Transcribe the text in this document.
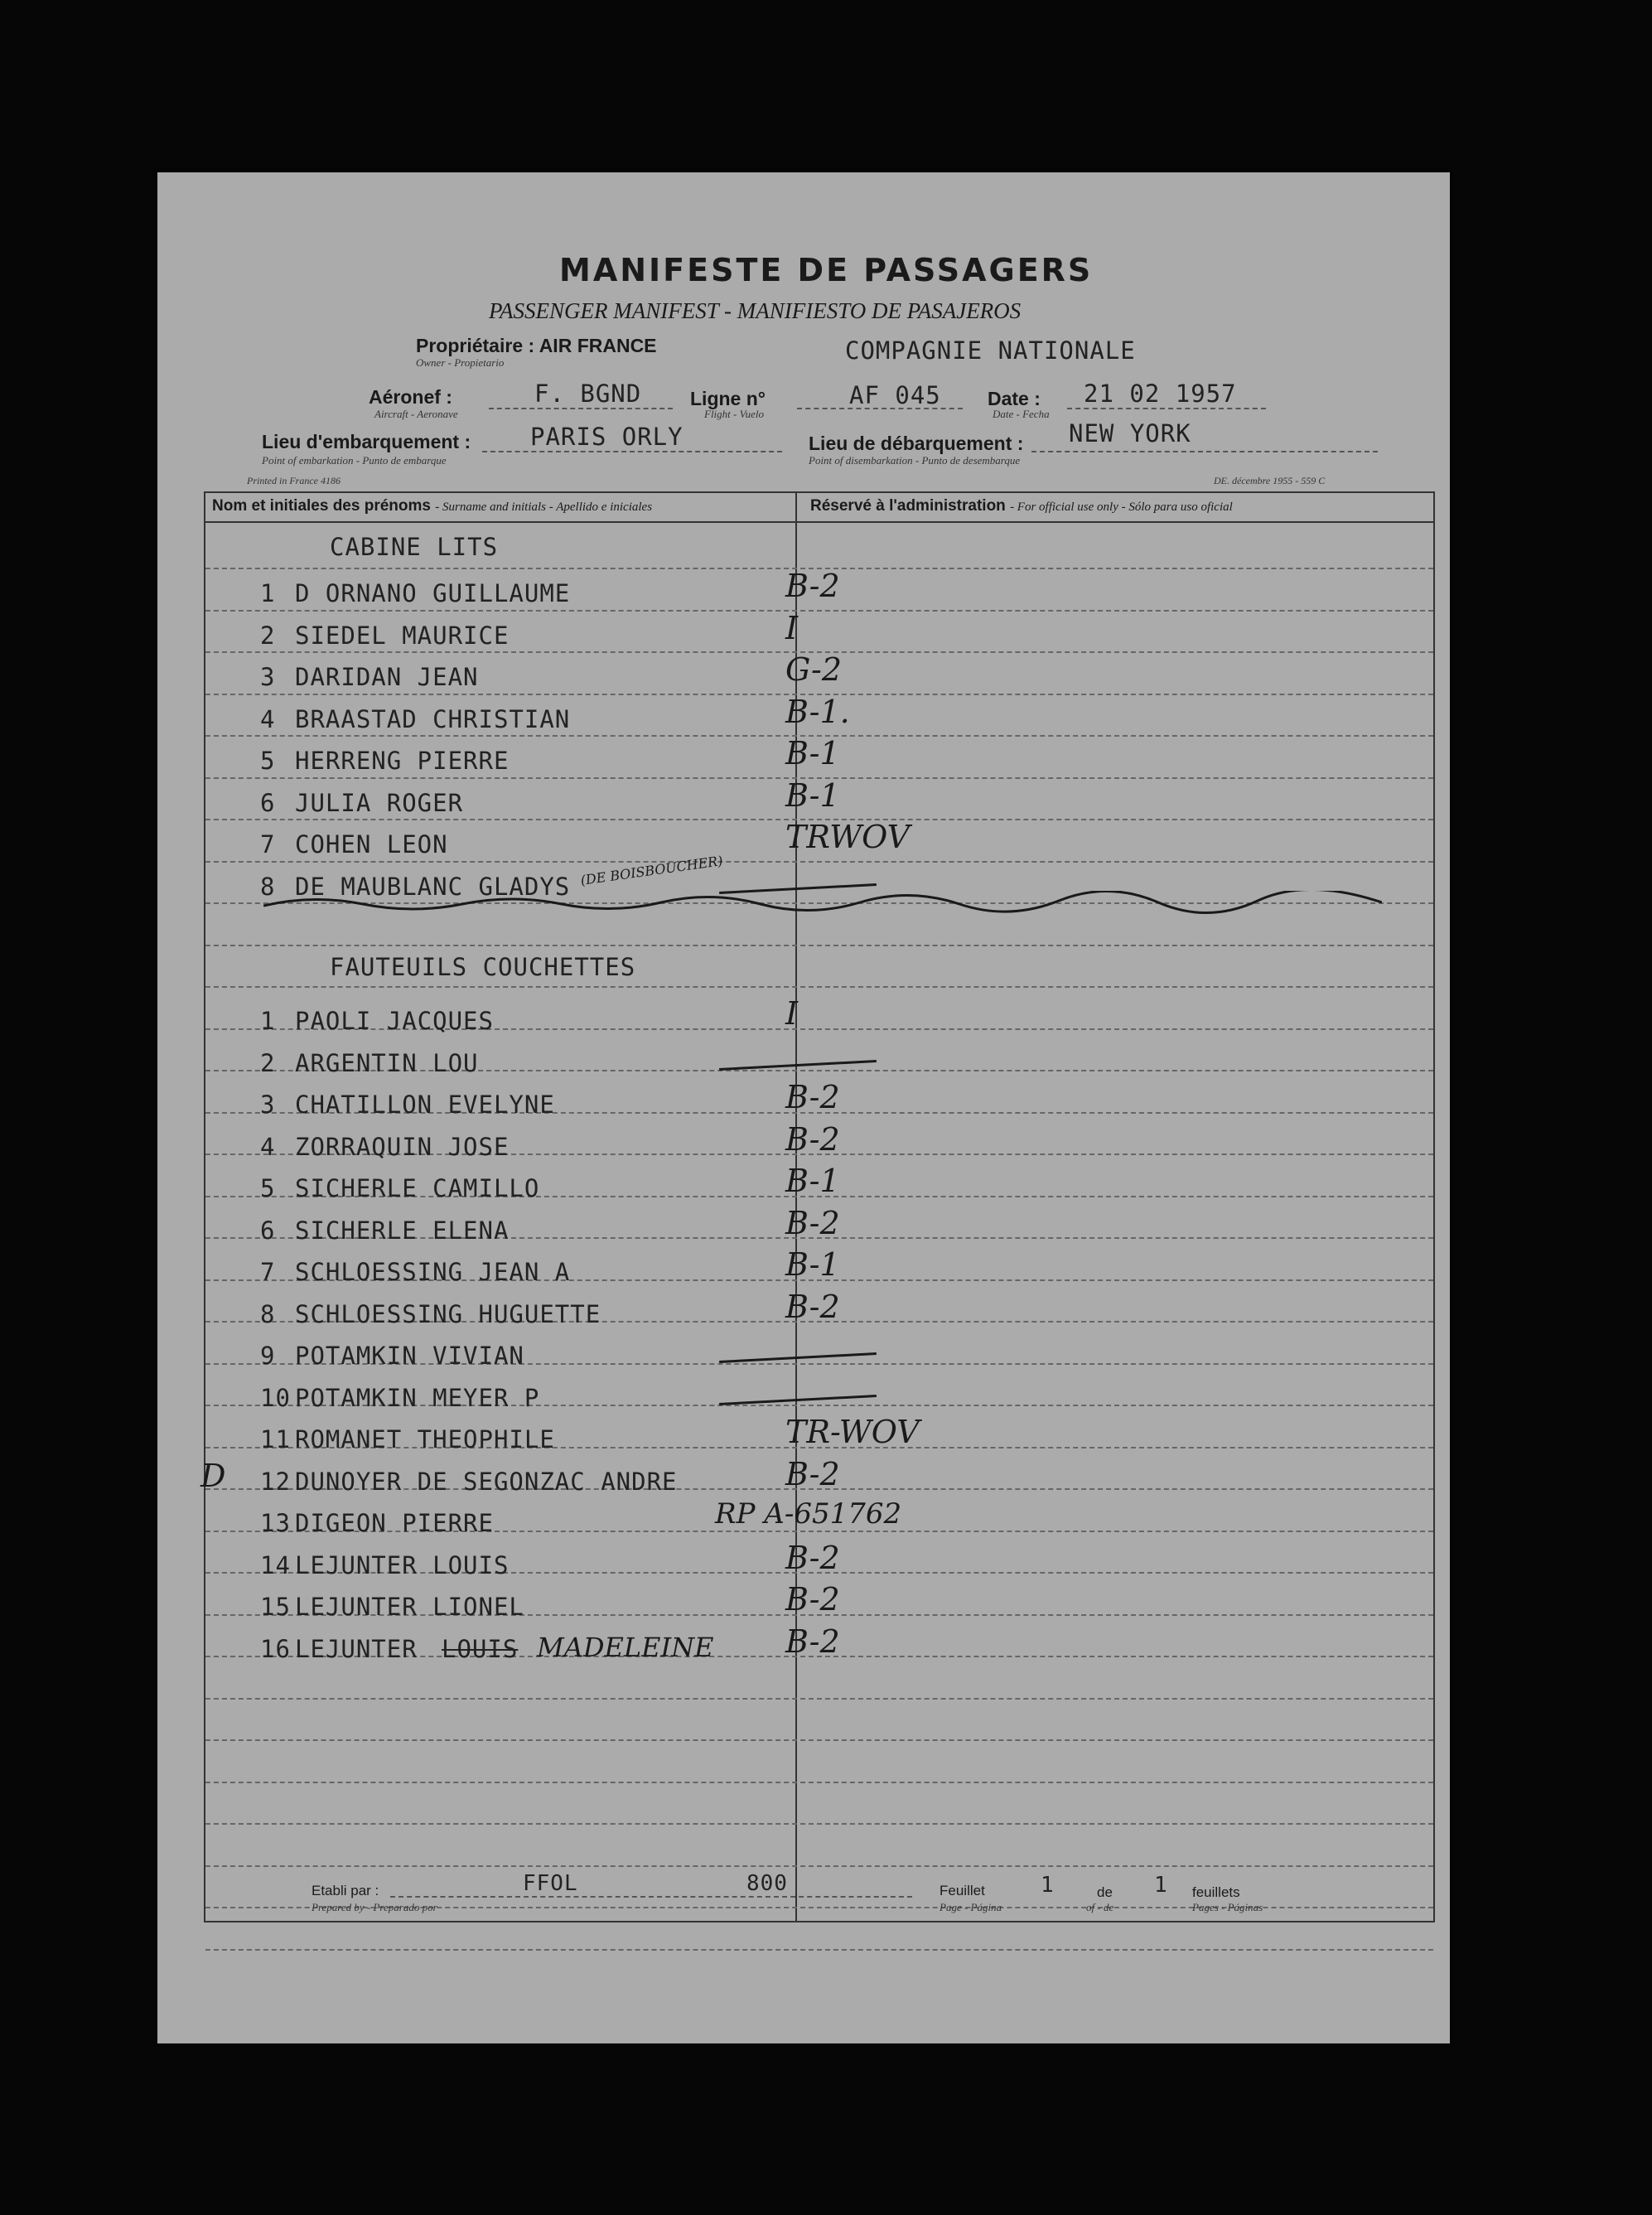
MANIFESTE DE PASSAGERS
PASSENGER MANIFEST - MANIFIESTO DE PASAJEROS
Propriétaire : AIR FRANCE
Owner - Propietario	COMPAGNIE NATIONALE
Aéronef :
Aircraft - Aeronave
F. BGND	Ligne n°
Flight - Vuelo
AF 045 Date :
Date - Fecha
21 02 1957
Lieu d'embarquement :
Point of embarkation - Punto de embarque
PARIS ORLY	Lieu de débarquement :
Point of disembarkation - Punto de desembarque
NEW YORK
Printed in France 4186	DE. décembre 1955 - 559 C
Nom et initiales des prénoms - Surname and initials - Apellido e iniciales	Réservé à l'administration - For official use only - Sólo para uso oficial
CABINE LITS
1 D ORNANO GUILLAUME	B-2
2 SIEDEL MAURICE	I
3 DARIDAN JEAN	G-2
4 BRAASTAD CHRISTIAN	B-1.
5 HERRENG PIERRE	B-1
6 JULIA ROGER	B-1
7 COHEN LEON	TRWOV
8 DE MAUBLANC GLADYS (DE BOISBOUCHER)
FAUTEUILS COUCHETTES
1 PAOLI JACQUES	I
2 ARGENTIN LOU
3 CHATILLON EVELYNE	B-2
4 ZORRAQUIN JOSE	B-2
5 SICHERLE CAMILLO	B-1
6 SICHERLE ELENA	B-2
7 SCHLOESSING JEAN A	B-1
8 SCHLOESSING HUGUETTE	B-2
9 POTAMKIN VIVIAN
10 POTAMKIN MEYER P
11 ROMANET THEOPHILE	TR-WOV
D 12 DUNOYER DE SEGONZAC ANDRE	B-2
13 DIGEON PIERRE	RP A-651762
14 LEJUNTER LOUIS	B-2
15 LEJUNTER LIONEL	B-2
16 LEJUNTER LOUIS MADELEINE B-2
Etabli par :
Prepared by - Preparado por
FFOL	800	Feuillet
Page - Página
1	de
of - de
1 feuillets
Pages - Páginas
